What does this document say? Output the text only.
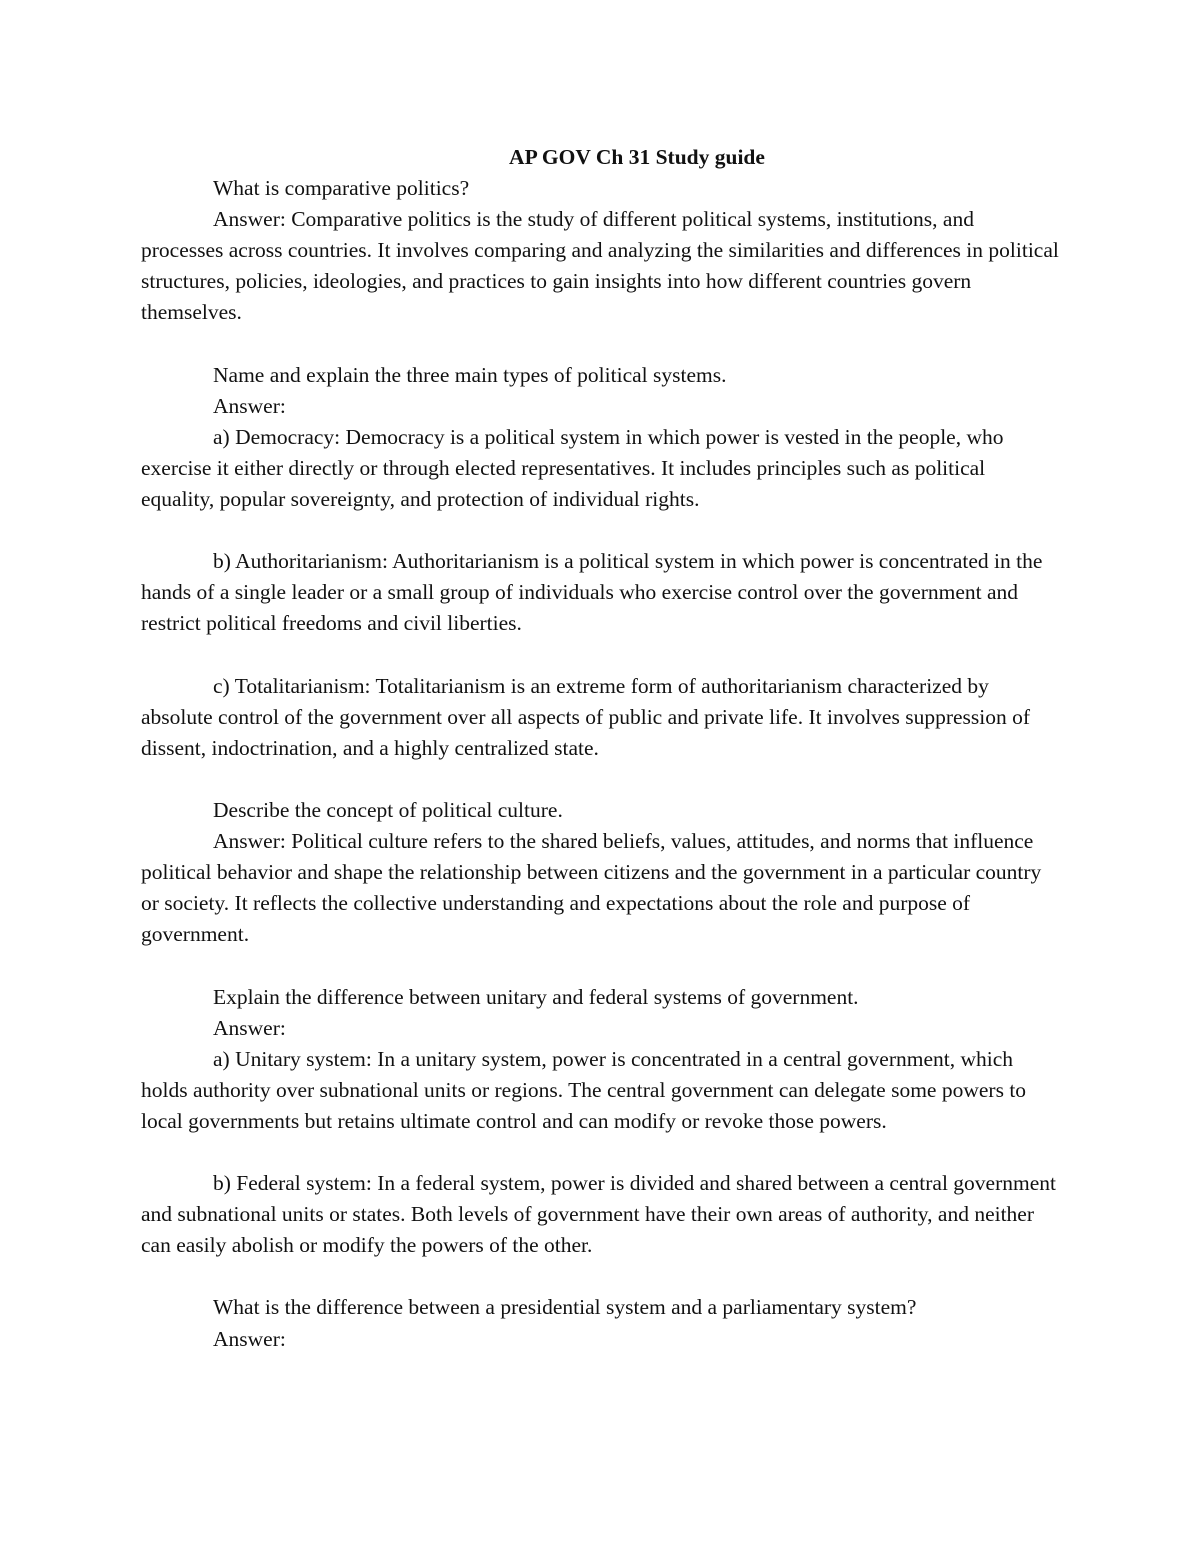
AP GOV Ch 31 Study guide

What is comparative politics?

Answer: Comparative politics is the study of different political systems, institutions, and processes across countries. It involves comparing and analyzing the similarities and differences in political structures, policies, ideologies, and practices to gain insights into how different countries govern themselves.

Name and explain the three main types of political systems.

Answer:

a) Democracy: Democracy is a political system in which power is vested in the people, who exercise it either directly or through elected representatives. It includes principles such as political equality, popular sovereignty, and protection of individual rights.

b) Authoritarianism: Authoritarianism is a political system in which power is concentrated in the hands of a single leader or a small group of individuals who exercise control over the government and restrict political freedoms and civil liberties.

c) Totalitarianism: Totalitarianism is an extreme form of authoritarianism characterized by absolute control of the government over all aspects of public and private life. It involves suppression of dissent, indoctrination, and a highly centralized state.

Describe the concept of political culture.

Answer: Political culture refers to the shared beliefs, values, attitudes, and norms that influence political behavior and shape the relationship between citizens and the government in a particular country or society. It reflects the collective understanding and expectations about the role and purpose of government.

Explain the difference between unitary and federal systems of government.

Answer:

a) Unitary system: In a unitary system, power is concentrated in a central government, which holds authority over subnational units or regions. The central government can delegate some powers to local governments but retains ultimate control and can modify or revoke those powers.

b) Federal system: In a federal system, power is divided and shared between a central government and subnational units or states. Both levels of government have their own areas of authority, and neither can easily abolish or modify the powers of the other.

What is the difference between a presidential system and a parliamentary system?

Answer:
